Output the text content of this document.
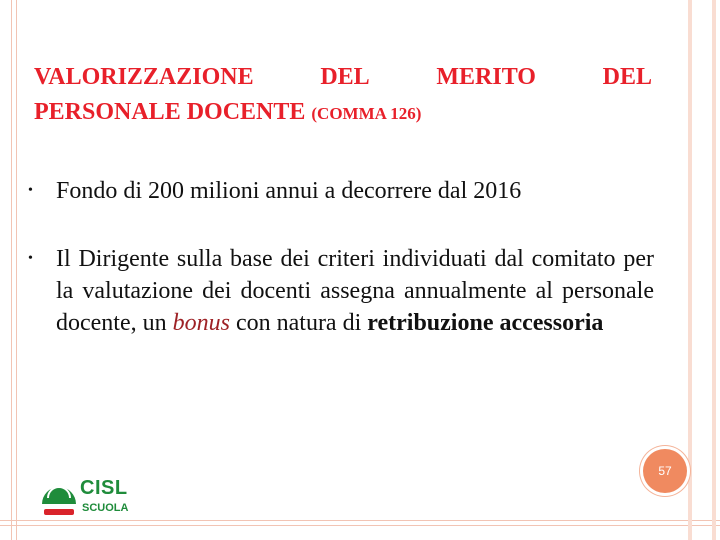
VALORIZZAZIONE	DEL	MERITO	DEL
PERSONALE DOCENTE (COMMA 126)
• Fondo di 200 milioni annui a decorrere dal 2016
• Il Dirigente sulla base dei criteri individuati dal comitato per la valutazione dei docenti assegna annualmente al personale docente, un bonus con natura di retribuzione accessoria
57
CISL
SCUOLA
